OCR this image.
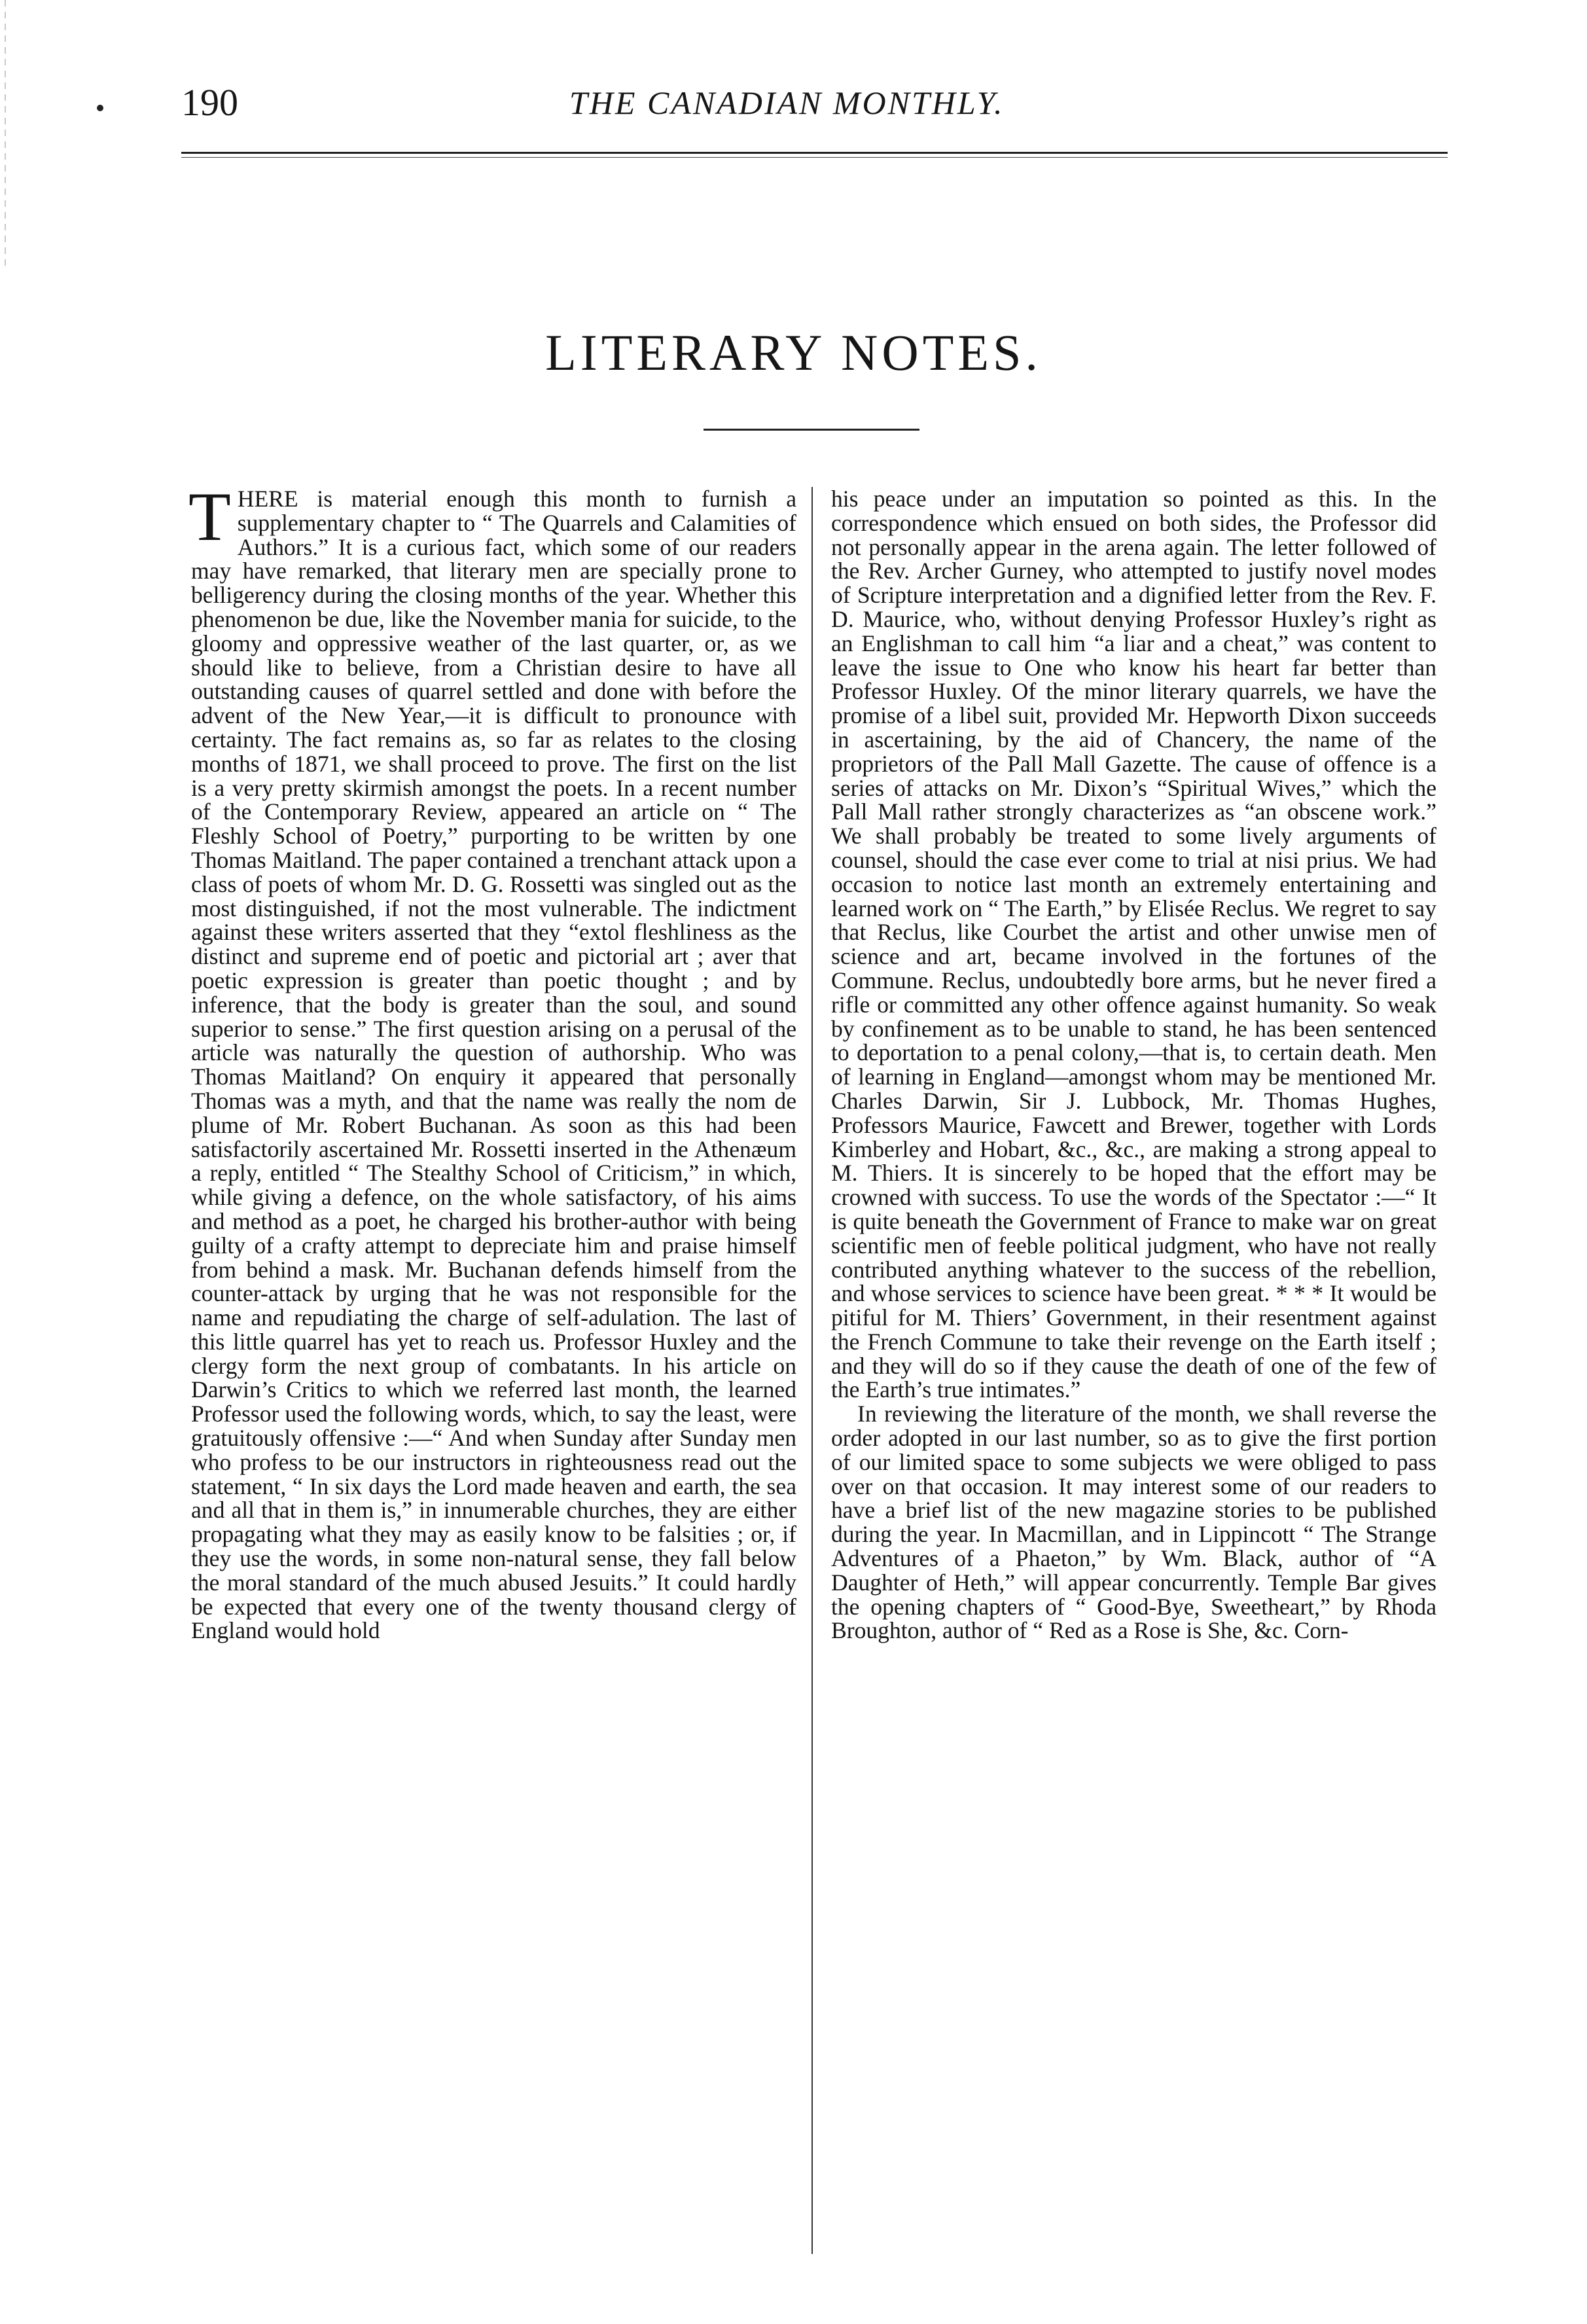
190	THE CANADIAN MONTHLY.
LITERARY NOTES.

THERE is material enough this month to furnish a supplementary chapter to “ The Quarrels and Calamities of Authors.” It is a curious fact, which some of our readers may have remarked, that literary men are specially prone to belligerency during the closing months of the year. Whether this phenomenon be due, like the November mania for suicide, to the gloomy and oppressive weather of the last quarter, or, as we should like to believe, from a Christian desire to have all outstanding causes of quarrel settled and done with before the advent of the New Year,—it is difficult to pronounce with certainty. The fact remains as, so far as relates to the closing months of 1871, we shall proceed to prove. The first on the list is a very pretty skirmish amongst the poets. In a recent number of the Contemporary Review, appeared an article on “ The Fleshly School of Poetry,” purporting to be written by one Thomas Maitland. The paper contained a trenchant attack upon a class of poets of whom Mr. D. G. Rossetti was singled out as the most distinguished, if not the most vulnerable. The indictment against these writers asserted that they “extol fleshliness as the distinct and supreme end of poetic and pictorial art ; aver that poetic expression is greater than poetic thought ; and by inference, that the body is greater than the soul, and sound superior to sense.” The first question arising on a perusal of the article was naturally the question of authorship. Who was Thomas Maitland? On enquiry it appeared that personally Thomas was a myth, and that the name was really the nom de plume of Mr. Robert Buchanan. As soon as this had been satisfactorily ascertained Mr. Rossetti inserted in the Athenæum a reply, entitled “ The Stealthy School of Criticism,” in which, while giving a defence, on the whole satisfactory, of his aims and method as a poet, he charged his brother-author with being guilty of a crafty attempt to depreciate him and praise himself from behind a mask. Mr. Buchanan defends himself from the counter-attack by urging that he was not responsible for the name and repudiating the charge of self-adulation. The last of this little quarrel has yet to reach us. Professor Huxley and the clergy form the next group of combatants. In his article on Darwin’s Critics to which we referred last month, the learned Professor used the following words, which, to say the least, were gratuitously offensive :—“ And when Sunday after Sunday men who profess to be our instructors in righteousness read out the statement, “ In six days the Lord made heaven and earth, the sea and all that in them is,” in innumerable churches, they are either propagating what they may as easily know to be falsities ; or, if they use the words, in some non-natural sense, they fall below the moral standard of the much abused Jesuits.” It could hardly be expected that every one of the twenty thousand clergy of England would hold

his peace under an imputation so pointed as this. In the correspondence which ensued on both sides, the Professor did not personally appear in the arena again. The letter followed of the Rev. Archer Gurney, who attempted to justify novel modes of Scripture interpretation and a dignified letter from the Rev. F. D. Maurice, who, without denying Professor Huxley’s right as an Englishman to call him “a liar and a cheat,” was content to leave the issue to One who know his heart far better than Professor Huxley. Of the minor literary quarrels, we have the promise of a libel suit, provided Mr. Hepworth Dixon succeeds in ascertaining, by the aid of Chancery, the name of the proprietors of the Pall Mall Gazette. The cause of offence is a series of attacks on Mr. Dixon’s “Spiritual Wives,” which the Pall Mall rather strongly characterizes as “an obscene work.” We shall probably be treated to some lively arguments of counsel, should the case ever come to trial at nisi prius. We had occasion to notice last month an extremely entertaining and learned work on “ The Earth,” by Elisée Reclus. We regret to say that Reclus, like Courbet the artist and other unwise men of science and art, became involved in the fortunes of the Commune. Reclus, undoubtedly bore arms, but he never fired a rifle or committed any other offence against humanity. So weak by confinement as to be unable to stand, he has been sentenced to deportation to a penal colony,—that is, to certain death. Men of learning in England—amongst whom may be mentioned Mr. Charles Darwin, Sir J. Lubbock, Mr. Thomas Hughes, Professors Maurice, Fawcett and Brewer, together with Lords Kimberley and Hobart, &c., &c., are making a strong appeal to M. Thiers. It is sincerely to be hoped that the effort may be crowned with success. To use the words of the Spectator :—“ It is quite beneath the Government of France to make war on great scientific men of feeble political judgment, who have not really contributed anything whatever to the success of the rebellion, and whose services to science have been great. * * * It would be pitiful for M. Thiers’ Government, in their resentment against the French Commune to take their revenge on the Earth itself ; and they will do so if they cause the death of one of the few of the Earth’s true intimates.”

In reviewing the literature of the month, we shall reverse the order adopted in our last number, so as to give the first portion of our limited space to some subjects we were obliged to pass over on that occasion. It may interest some of our readers to have a brief list of the new magazine stories to be published during the year. In Macmillan, and in Lippincott “ The Strange Adventures of a Phaeton,” by Wm. Black, author of “A Daughter of Heth,” will appear concurrently. Temple Bar gives the opening chapters of “ Good-Bye, Sweetheart,” by Rhoda Broughton, author of “ Red as a Rose is She, &c. Corn-
